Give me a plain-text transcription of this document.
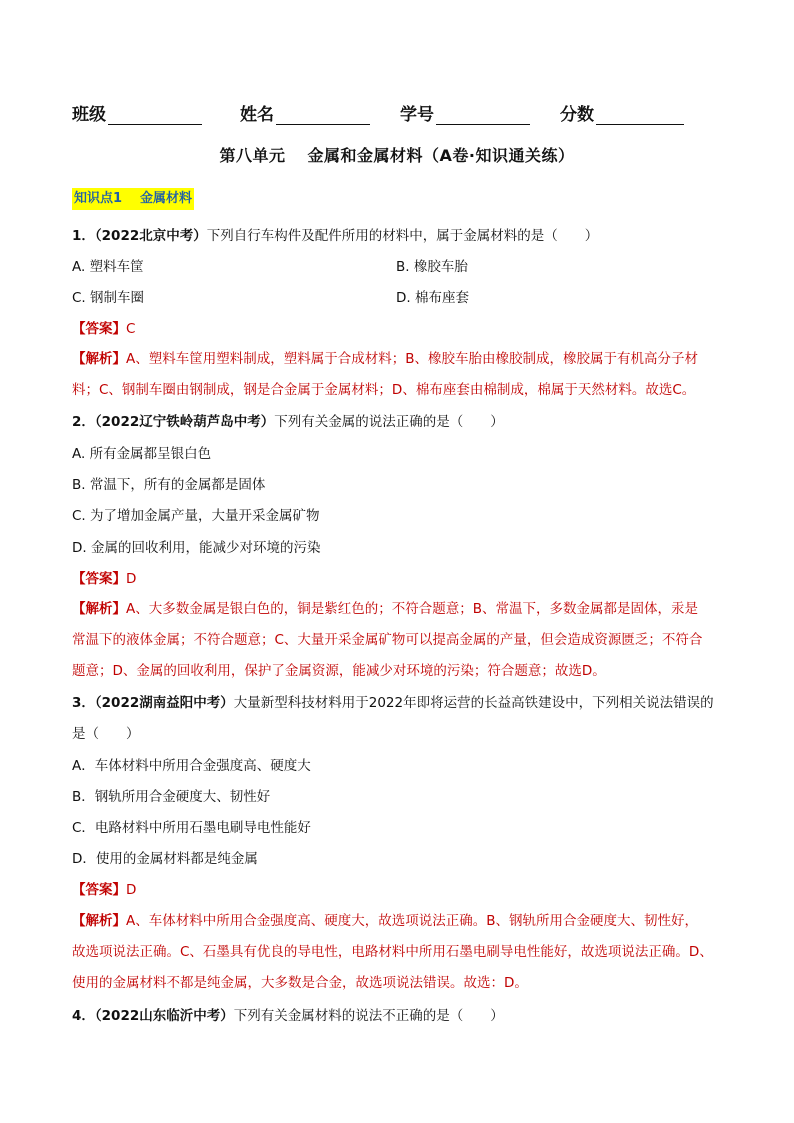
班级	姓名	学号	分数
第八单元 金属和金属材料（A卷·知识通关练）
知识点1 金属材料
1．（2022北京中考）下列自行车构件及配件所用的材料中，属于金属材料的是（　　）
A. 塑料车筐	B. 橡胶车胎
C. 钢制车圈	D. 棉布座套
【答案】C
【解析】A、塑料车筐用塑料制成，塑料属于合成材料；B、橡胶车胎由橡胶制成，橡胶属于有机高分子材
料；C、钢制车圈由钢制成，钢是合金属于金属材料；D、棉布座套由棉制成，棉属于天然材料。故选C。
2．（2022辽宁铁岭葫芦岛中考）下列有关金属的说法正确的是（　　）
A. 所有金属都呈银白色
B. 常温下，所有的金属都是固体
C. 为了增加金属产量，大量开采金属矿物
D. 金属的回收利用，能减少对环境的污染
【答案】D
【解析】A、大多数金属是银白色的，铜是紫红色的；不符合题意；B、常温下，多数金属都是固体，汞是
常温下的液体金属；不符合题意；C、大量开采金属矿物可以提高金属的产量，但会造成资源匮乏；不符合
题意；D、金属的回收利用，保护了金属资源，能减少对环境的污染；符合题意；故选D。
3．（2022湖南益阳中考）大量新型科技材料用于2022年即将运营的长益高铁建设中，下列相关说法错误的
是（　　）
A．车体材料中所用合金强度高、硬度大
B．钢轨所用合金硬度大、韧性好
C．电路材料中所用石墨电刷导电性能好
D．使用的金属材料都是纯金属
【答案】D
【解析】A、车体材料中所用合金强度高、硬度大，故选项说法正确。B、钢轨所用合金硬度大、韧性好，
故选项说法正确。C、石墨具有优良的导电性，电路材料中所用石墨电刷导电性能好，故选项说法正确。D、
使用的金属材料不都是纯金属，大多数是合金，故选项说法错误。故选：D。
4．（2022山东临沂中考）下列有关金属材料的说法不正确的是（　　）
